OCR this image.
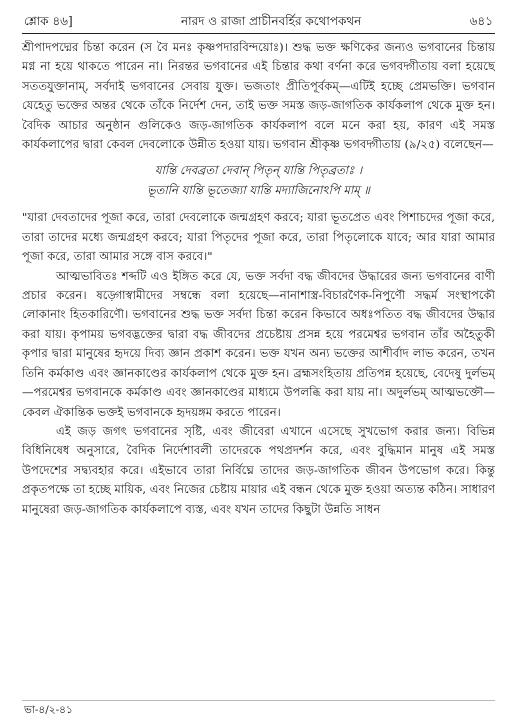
শ্লোক ৪৬]	নারদ ও রাজা প্রাচীনবর্হির কথোপকথন	৬৪১

শ্রীপাদপদ্মের চিন্তা করেন (স বৈ মনঃ কৃষ্ণপদারবিন্দয়োঃ)। শুদ্ধ ভক্ত ক্ষণিকের জন্যও ভগবানের চিন্তায় মগ্ন না হয়ে থাকতে পারেন না। নিরন্তর ভগবানের এই চিন্তার কথা বর্ণনা করে ভগবদ্গীতায় বলা হয়েছে সততযুক্তানাম্, সর্বদাই ভগবানের সেবায় যুক্ত। ভজতাং প্রীতিপূর্বকম্—এটিই হচ্ছে প্রেমভক্তি। ভগবান যেহেতু ভক্তের অন্তর থেকে তাঁকে নির্দেশ দেন, তাই ভক্ত সমস্ত জড়-জাগতিক কার্যকলাপ থেকে মুক্ত হন। বৈদিক আচার অনুষ্ঠান গুলিকেও জড়-জাগতিক কার্যকলাপ বলে মনে করা হয়, কারণ এই সমস্ত কার্যকলাপের দ্বারা কেবল দেবলোকে উন্নীত হওয়া যায়। ভগবান শ্রীকৃষ্ণ ভগবদ্গীতায় (৯/২৫) বলেছেন—

যান্তি দেবব্রতা দেবান্ পিতৃন্ যান্তি পিতৃব্রতাঃ ।
ভূতানি যান্তি ভূতেজ্যা যান্তি মদ্যাজিনোঽপি মাম্ ॥

"যারা দেবতাদের পূজা করে, তারা দেবলোকে জন্মগ্রহণ করবে; যারা ভূতপ্রেত এবং পিশাচদের পূজা করে, তারা তাদের মধ্যে জন্মগ্রহণ করবে; যারা পিতৃদের পূজা করে, তারা পিতৃলোকে যাবে; আর যারা আমার পূজা করে, তারা আমার সঙ্গে বাস করবে।"

আত্মভাবিতঃ শব্দটি এও ইঙ্গিত করে যে, ভক্ত সর্বদা বদ্ধ জীবদের উদ্ধারের জন্য ভগবানের বাণী প্রচার করেন। ষড়্গোস্বামীদের সম্বন্ধে বলা হয়েছে—নানাশাস্ত্র-বিচারণৈক-নিপুণৌ সদ্ধর্ম সংস্থাপকৌ লোকানাং হিতকারিণৌ। ভগবানের শুদ্ধ ভক্ত সর্বদা চিন্তা করেন কিভাবে অধঃপতিত বদ্ধ জীবদের উদ্ধার করা যায়। কৃপাময় ভগবদ্ভক্তের দ্বারা বদ্ধ জীবদের প্রচেষ্টায় প্রসন্ন হয়ে পরমেশ্বর ভগবান তাঁর অহৈতুকী কৃপার দ্বারা মানুষের হৃদয়ে দিব্য জ্ঞান প্রকাশ করেন। ভক্ত যখন অন্য ভক্তের আশীর্বাদ লাভ করেন, তখন তিনি কর্মকাণ্ড এবং জ্ঞানকাণ্ডের কার্যকলাপ থেকে মুক্ত হন। ব্রহ্মসংহিতায় প্রতিপন্ন হয়েছে, বেদেষু দুর্লভম্—পরমেশ্বর ভগবানকে কর্মকাণ্ড এবং জ্ঞানকাণ্ডের মাধ্যমে উপলব্ধি করা যায় না। অদুর্লভম্ আত্মভক্তৌ—কেবল ঐকান্তিক ভক্তই ভগবানকে হৃদয়ঙ্গম করতে পারেন।

এই জড় জগৎ ভগবানের সৃষ্টি, এবং জীবেরা এখানে এসেছে সুখভোগ করার জন্য। বিভিন্ন বিধিনিষেধ অনুসারে, বৈদিক নির্দেশাবলী তাদেরকে পথপ্রদর্শন করে, এবং বুদ্ধিমান মানুষ এই সমস্ত উপদেশের সদ্ব্যবহার করে। এইভাবে তারা নির্বিঘ্নে তাদের জড়-জাগতিক জীবন উপভোগ করে। কিন্তু প্রকৃতপক্ষে তা হচ্ছে মায়িক, এবং নিজের চেষ্টায় মায়ার এই বন্ধন থেকে মুক্ত হওয়া অত্যন্ত কঠিন। সাধারণ মানুষেরা জড়-জাগতিক কার্যকলাপে ব্যস্ত, এবং যখন তাদের কিছুটা উন্নতি সাধন

ভা-৪/২-৪১
